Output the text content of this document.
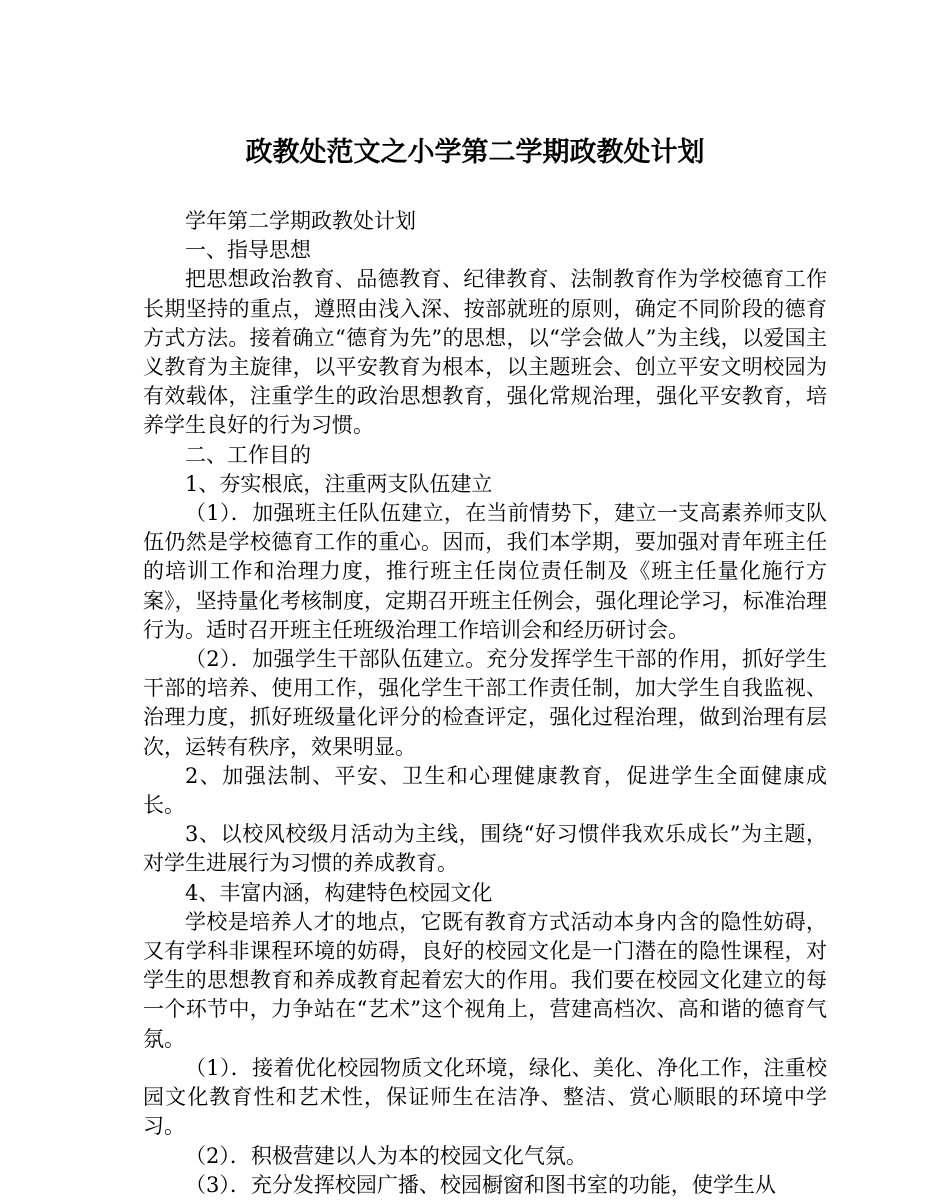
政教处范文之小学第二学期政教处计划

学年第二学期政教处计划

一、指导思想

把思想政治教育、品德教育、纪律教育、法制教育作为学校德育工作长期坚持的重点，遵照由浅入深、按部就班的原则，确定不同阶段的德育方式方法。接着确立“德育为先”的思想，以“学会做人”为主线，以爱国主义教育为主旋律，以平安教育为根本，以主题班会、创立平安文明校园为有效载体，注重学生的政治思想教育，强化常规治理，强化平安教育，培养学生良好的行为习惯。

二、工作目的

1、夯实根底，注重两支队伍建立

（1）．加强班主任队伍建立，在当前情势下，建立一支高素养师支队伍仍然是学校德育工作的重心。因而，我们本学期，要加强对青年班主任的培训工作和治理力度，推行班主任岗位责任制及《班主任量化施行方案》，坚持量化考核制度，定期召开班主任例会，强化理论学习，标准治理行为。适时召开班主任班级治理工作培训会和经历研讨会。

（2）．加强学生干部队伍建立。充分发挥学生干部的作用，抓好学生干部的培养、使用工作，强化学生干部工作责任制，加大学生自我监视、治理力度，抓好班级量化评分的检查评定，强化过程治理，做到治理有层次，运转有秩序，效果明显。

2、加强法制、平安、卫生和心理健康教育，促进学生全面健康成长。

3、以校风校级月活动为主线，围绕“好习惯伴我欢乐成长”为主题，对学生进展行为习惯的养成教育。

4、丰富内涵，构建特色校园文化

学校是培养人才的地点，它既有教育方式活动本身内含的隐性妨碍，又有学科非课程环境的妨碍，良好的校园文化是一门潜在的隐性课程，对学生的思想教育和养成教育起着宏大的作用。我们要在校园文化建立的每一个环节中，力争站在“艺术”这个视角上，营建高档次、高和谐的德育气氛。

（1）．接着优化校园物质文化环境，绿化、美化、净化工作，注重校园文化教育性和艺术性，保证师生在洁净、整洁、赏心顺眼的环境中学习。

（2）．积极营建以人为本的校园文化气氛。

（3）．充分发挥校园广播、校园橱窗和图书室的功能，使学生从
